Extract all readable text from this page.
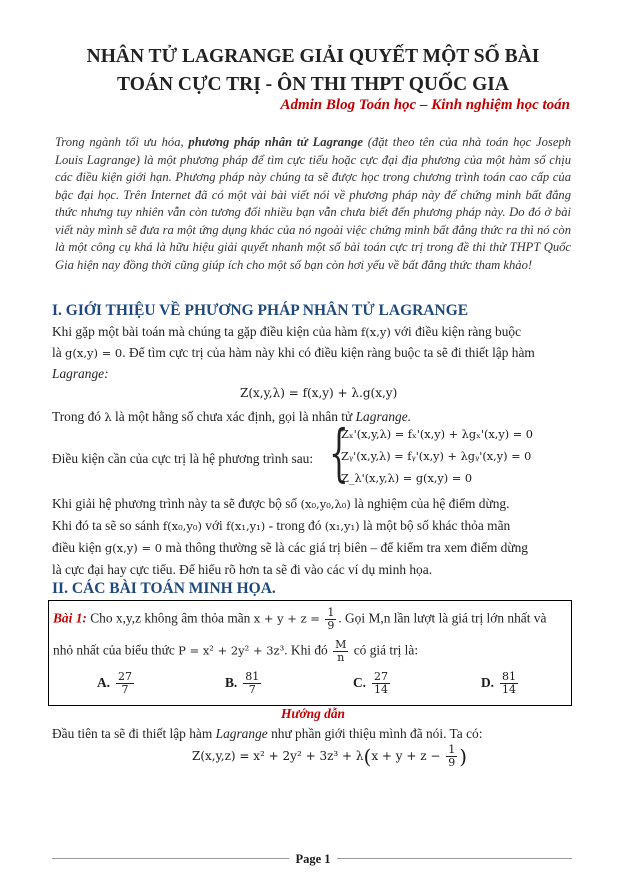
NHÂN TỬ LAGRANGE GIẢI QUYẾT MỘT SỐ BÀI
TOÁN CỰC TRỊ - ÔN THI THPT QUỐC GIA
Admin Blog Toán học – Kinh nghiệm học toán
Trong ngành tối ưu hóa, phương pháp nhân tử Lagrange (đặt theo tên của nhà toán học Joseph Louis Lagrange) là một phương pháp để tìm cực tiểu hoặc cực đại địa phương của một hàm số chịu các điều kiện giới hạn. Phương pháp này chúng ta sẽ được học trong chương trình toán cao cấp của bậc đại học. Trên Internet đã có một vài bài viết nói về phương pháp này để chứng minh bất đẳng thức nhưng tuy nhiên vẫn còn tương đối nhiều bạn vẫn chưa biết đến phương pháp này. Do đó ở bài viết này mình sẽ đưa ra một ứng dụng khác của nó ngoài việc chứng minh bất đẳng thức ra thì nó còn là một công cụ khá là hữu hiệu giải quyết nhanh một số bài toán cực trị trong đề thi thử THPT Quốc Gia hiện nay đồng thời cũng giúp ích cho một số bạn còn hơi yếu về bất đẳng thức tham khảo!
I. GIỚI THIỆU VỀ PHƯƠNG PHÁP NHÂN TỬ LAGRANGE
Khi gặp một bài toán mà chúng ta gặp điều kiện của hàm f(x,y) với điều kiện ràng buộc
là g(x,y) = 0. Để tìm cực trị của hàm này khi có điều kiện ràng buộc ta sẽ đi thiết lập hàm
Lagrange:
Z(x,y,λ) = f(x,y) + λ.g(x,y)
Trong đó λ là một hằng số chưa xác định, gọi là nhân tử Lagrange.
Điều kiện cần của cực trị là hệ phương trình sau: {
Zₓ'(x,y,λ) = fₓ'(x,y) + λgₓ'(x,y) = 0
Zᵧ'(x,y,λ) = fᵧ'(x,y) + λgᵧ'(x,y) = 0
Z_λ'(x,y,λ) = g(x,y) = 0
Khi giải hệ phương trình này ta sẽ được bộ số (x₀,y₀,λ₀) là nghiệm của hệ điểm dừng.
Khi đó ta sẽ so sánh f(x₀,y₀) với f(x₁,y₁) - trong đó (x₁,y₁) là một bộ số khác thỏa mãn
điều kiện g(x,y) = 0 mà thông thường sẽ là các giá trị biên – để kiểm tra xem điểm dừng
là cực đại hay cực tiểu. Để hiểu rõ hơn ta sẽ đi vào các ví dụ minh họa.
II. CÁC BÀI TOÁN MINH HỌA.
Bài 1: Cho x,y,z không âm thỏa mãn $x + y + z = \frac{1}{9}$ . Gọi M,n lần lượt là giá trị lớn nhất và
nhỏ nhất của biểu thức P = x² + 2y² + 3z³. Khi đó $\frac{M}{n}$ có giá trị là:
A. $\frac{27}{7}$	B. $\frac{81}{7}$	C. $\frac{27}{14}$	D. $\frac{81}{14}$
Hướng dẫn
Đầu tiên ta sẽ đi thiết lập hàm Lagrange như phần giới thiệu mình đã nói. Ta có:
$Z(x,y,z) = x^2 + 2y^2 + 3z^3 + \lambda(x + y + z - \frac{1}{9}$ )
Page 1
